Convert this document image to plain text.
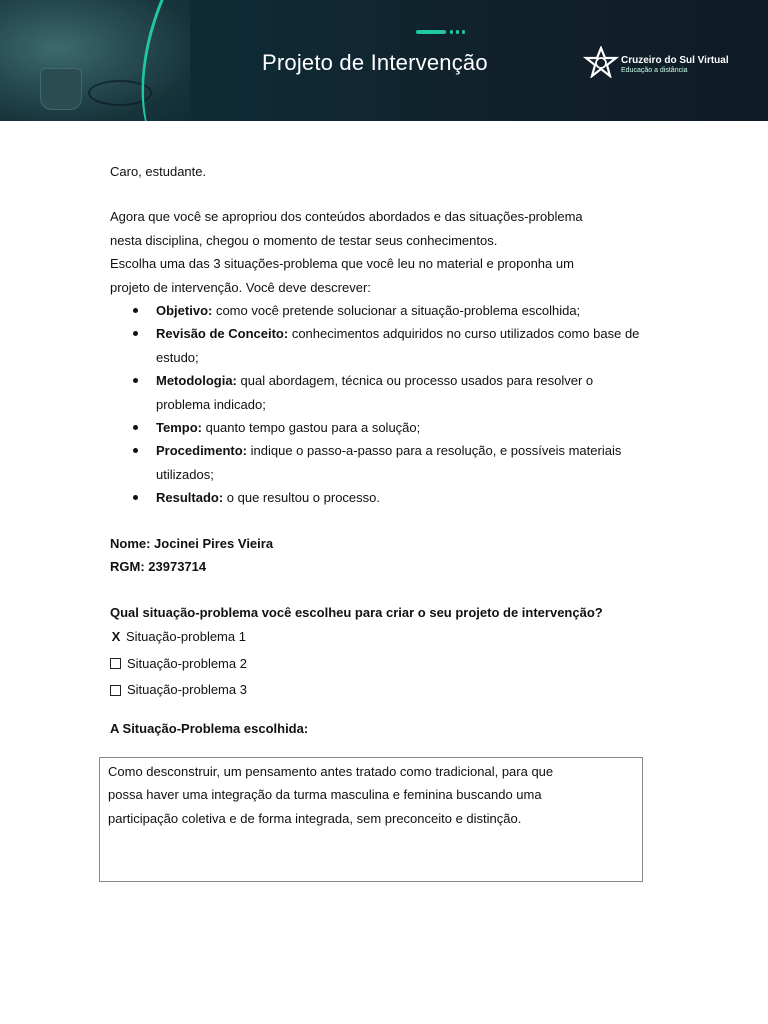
Projeto de Intervenção	Cruzeiro do Sul Virtual
Educação a distância

Caro, estudante.

Agora que você se apropriou dos conteúdos abordados e das situações-problema

nesta disciplina, chegou o momento de testar seus conhecimentos.

Escolha uma das 3 situações-problema que você leu no material e proponha um

projeto de intervenção. Você deve descrever:

Objetivo: como você pretende solucionar a situação-problema escolhida;
Revisão de Conceito: conhecimentos adquiridos no curso utilizados como base de estudo;
Metodologia: qual abordagem, técnica ou processo usados para resolver o problema indicado;
Tempo: quanto tempo gastou para a solução;
Procedimento: indique o passo-a-passo para a resolução, e possíveis materiais utilizados;
Resultado: o que resultou o processo.

Nome: Jocinei Pires Vieira

RGM: 23973714

Qual situação-problema você escolheu para criar o seu projeto de intervenção?

X Situação-problema 1
Situação-problema 2
Situação-problema 3

A Situação-Problema escolhida:

Como desconstruir, um pensamento antes tratado como tradicional, para que
possa haver uma integração da turma masculina e feminina buscando uma
participação coletiva e de forma integrada, sem preconceito e distinção.
